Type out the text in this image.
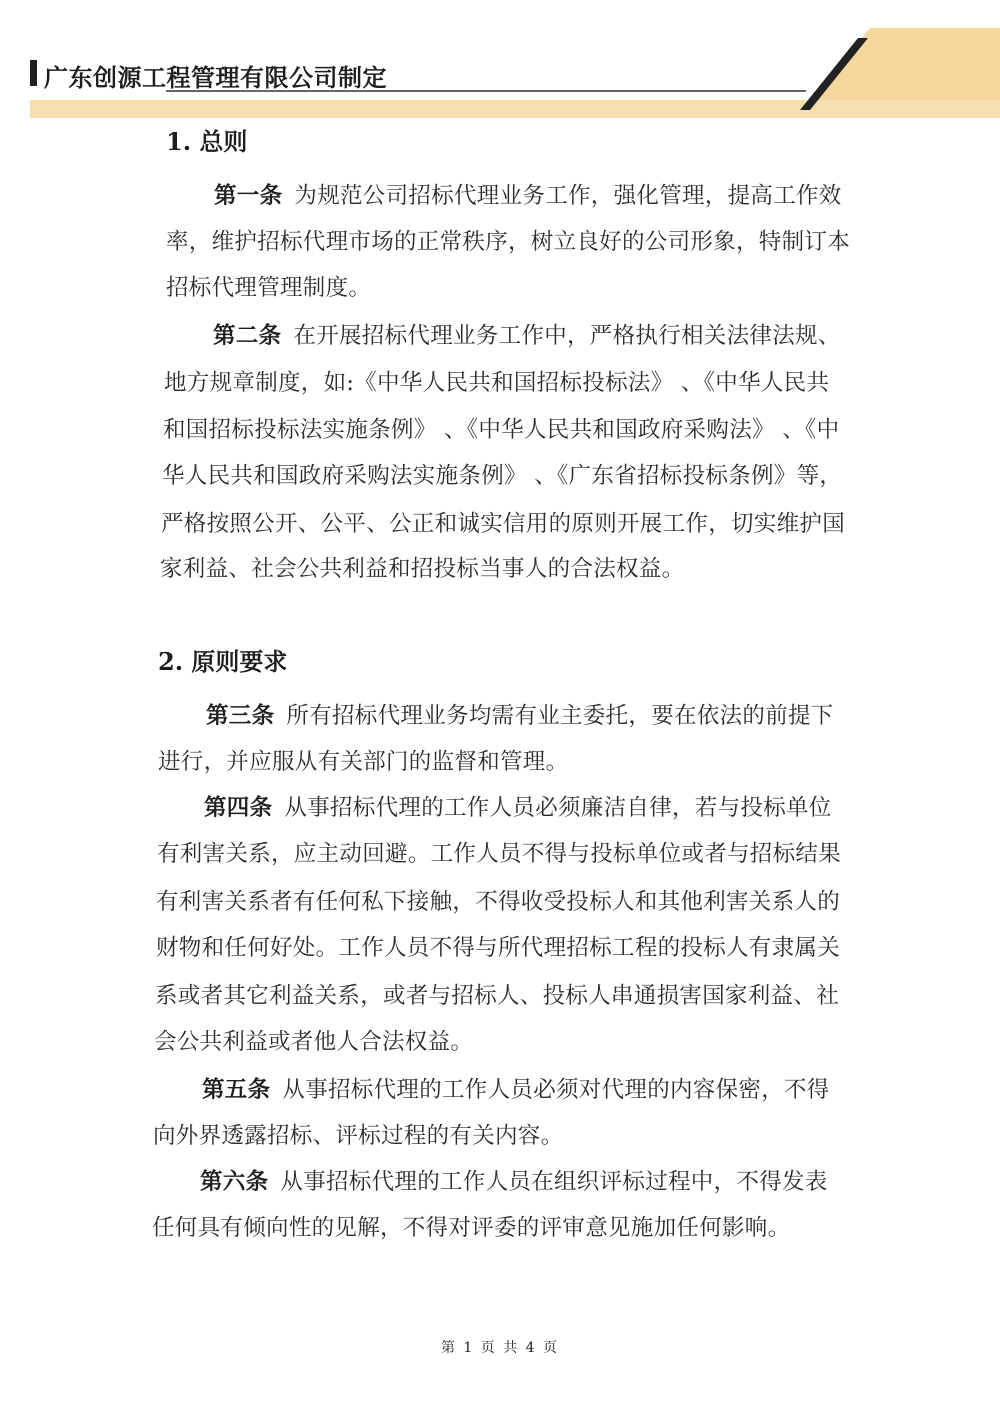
广东创源工程管理有限公司制定
1. 总则
第一条 为规范公司招标代理业务工作，强化管理，提高工作效
率，维护招标代理市场的正常秩序，树立良好的公司形象，特制订本
招标代理管理制度。
第二条 在开展招标代理业务工作中，严格执行相关法律法规、
地方规章制度，如:《中华人民共和国招标投标法》 、《中华人民共
和国招标投标法实施条例》 、《中华人民共和国政府采购法》 、《中
华人民共和国政府采购法实施条例》 、《广东省招标投标条例》等，
严格按照公开、公平、公正和诚实信用的原则开展工作，切实维护国
家利益、社会公共利益和招投标当事人的合法权益。
2. 原则要求
第三条 所有招标代理业务均需有业主委托，要在依法的前提下
进行，并应服从有关部门的监督和管理。
第四条 从事招标代理的工作人员必须廉洁自律，若与投标单位
有利害关系，应主动回避。工作人员不得与投标单位或者与招标结果
有利害关系者有任何私下接触，不得收受投标人和其他利害关系人的
财物和任何好处。工作人员不得与所代理招标工程的投标人有隶属关
系或者其它利益关系，或者与招标人、投标人串通损害国家利益、社
会公共利益或者他人合法权益。
第五条 从事招标代理的工作人员必须对代理的内容保密，不得
向外界透露招标、评标过程的有关内容。
第六条 从事招标代理的工作人员在组织评标过程中，不得发表
任何具有倾向性的见解，不得对评委的评审意见施加任何影响。
第 1 页 共 4 页
